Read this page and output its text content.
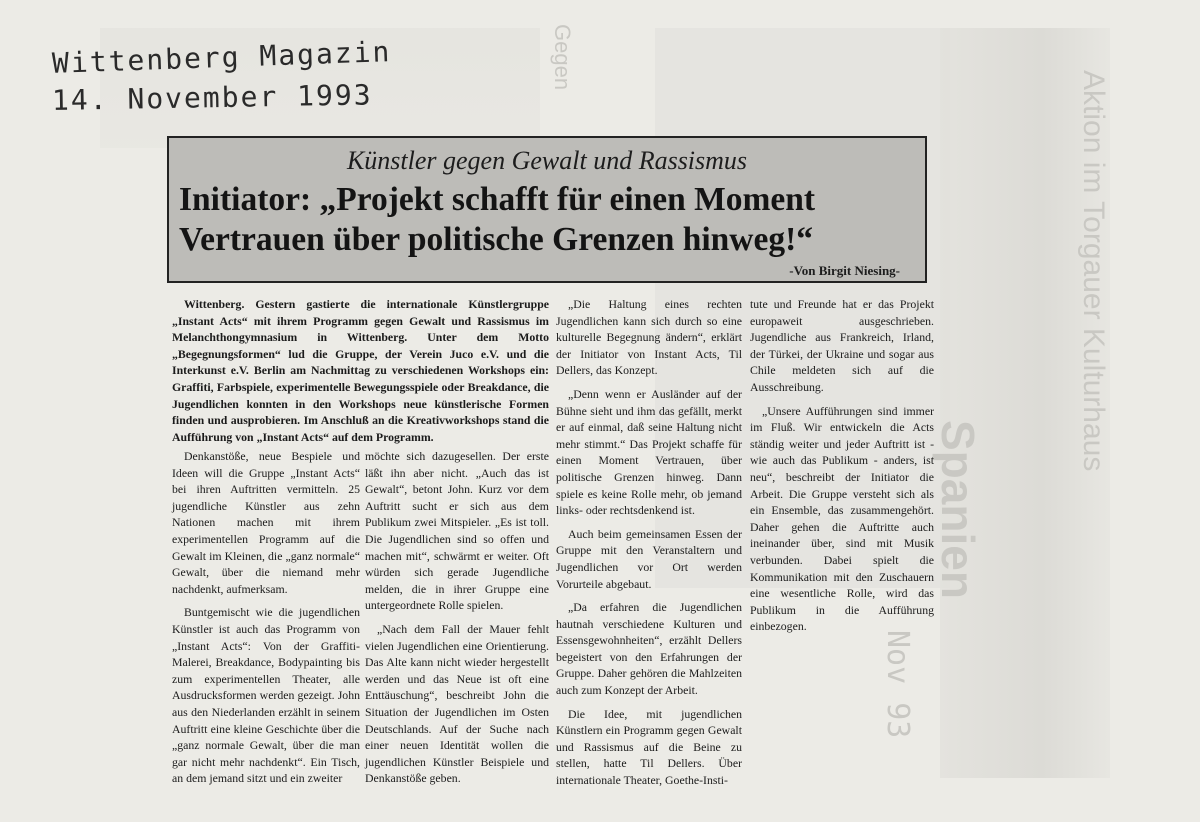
Aktion im Torgauer Kulturhaus
Gegen
Spanien
Nov 93
Wittenberg Magazin
14. November 1993
Künstler gegen Gewalt und Rassismus
Initiator: „Projekt schafft für einen Moment Vertrauen über politische Grenzen hinweg!“
-Von Birgit Niesing-

Wittenberg. Gestern gastierte die internationale Künstlergruppe „Instant Acts“ mit ihrem Programm gegen Gewalt und Rassismus im Melanchthongymnasium in Wittenberg. Unter dem Motto „Begegnungsformen“ lud die Gruppe, der Verein Juco e.V. und die Interkunst e.V. Berlin am Nachmittag zu verschiedenen Workshops ein: Graffiti, Farbspiele, experimentelle Bewegungsspiele oder Breakdance, die Jugendlichen konnten in den Workshops neue künstlerische Formen finden und ausprobieren. Im Anschluß an die Kreativworkshops stand die Aufführung von „Instant Acts“ auf dem Programm.

Denkanstöße, neue Bespiele und Ideen will die Gruppe „Instant Acts“ bei ihren Auftritten vermitteln. 25 jugendliche Künstler aus zehn Nationen machen mit ihrem experimentellen Programm auf die Gewalt im Kleinen, die „ganz normale“ Gewalt, über die niemand mehr nachdenkt, aufmerksam.

Buntgemischt wie die jugendlichen Künstler ist auch das Programm von „Instant Acts“: Von der Graffiti-Malerei, Breakdance, Bodypainting bis zum experimentellen Theater, alle Ausdrucksformen werden gezeigt. John aus den Niederlanden erzählt in seinem Auftritt eine kleine Geschichte über die „ganz normale Gewalt, über die man gar nicht mehr nachdenkt“. Ein Tisch, an dem jemand sitzt und ein zweiter

möchte sich dazugesellen. Der erste läßt ihn aber nicht. „Auch das ist Gewalt“, betont John. Kurz vor dem Auftritt sucht er sich aus dem Publikum zwei Mitspieler. „Es ist toll. Die Jugendlichen sind so offen und machen mit“, schwärmt er weiter. Oft würden sich gerade Jugendliche melden, die in ihrer Gruppe eine untergeordnete Rolle spielen.

„Nach dem Fall der Mauer fehlt vielen Jugendlichen eine Orientierung. Das Alte kann nicht wieder hergestellt werden und das Neue ist oft eine Enttäuschung“, beschreibt John die Situation der Jugendlichen im Osten Deutschlands. Auf der Suche nach einer neuen Identität wollen die jugendlichen Künstler Beispiele und Denkanstöße geben.

„Die Haltung eines rechten Jugendlichen kann sich durch so eine kulturelle Begegnung ändern“, erklärt der Initiator von Instant Acts, Til Dellers, das Konzept.

„Denn wenn er Ausländer auf der Bühne sieht und ihm das gefällt, merkt er auf einmal, daß seine Haltung nicht mehr stimmt.“ Das Projekt schaffe für einen Moment Vertrauen, über politische Grenzen hinweg. Dann spiele es keine Rolle mehr, ob jemand links- oder rechtsdenkend ist.

Auch beim gemeinsamen Essen der Gruppe mit den Veranstaltern und Jugendlichen vor Ort werden Vorurteile abgebaut.

„Da erfahren die Jugendlichen hautnah verschiedene Kulturen und Essensgewohnheiten“, erzählt Dellers begeistert von den Erfahrungen der Gruppe. Daher gehören die Mahlzeiten auch zum Konzept der Arbeit.

Die Idee, mit jugendlichen Künstlern ein Programm gegen Gewalt und Rassismus auf die Beine zu stellen, hatte Til Dellers. Über internationale Theater, Goethe-Insti-

tute und Freunde hat er das Projekt europaweit ausgeschrieben. Jugendliche aus Frankreich, Irland, der Türkei, der Ukraine und sogar aus Chile meldeten sich auf die Ausschreibung.

„Unsere Aufführungen sind immer im Fluß. Wir entwickeln die Acts ständig weiter und jeder Auftritt ist - wie auch das Publikum - anders, ist neu“, beschreibt der Initiator die Arbeit. Die Gruppe versteht sich als ein Ensemble, das zusammengehört. Daher gehen die Auftritte auch ineinander über, sind mit Musik verbunden. Dabei spielt die Kommunikation mit den Zuschauern eine wesentliche Rolle, wird das Publikum in die Aufführung einbezogen.
